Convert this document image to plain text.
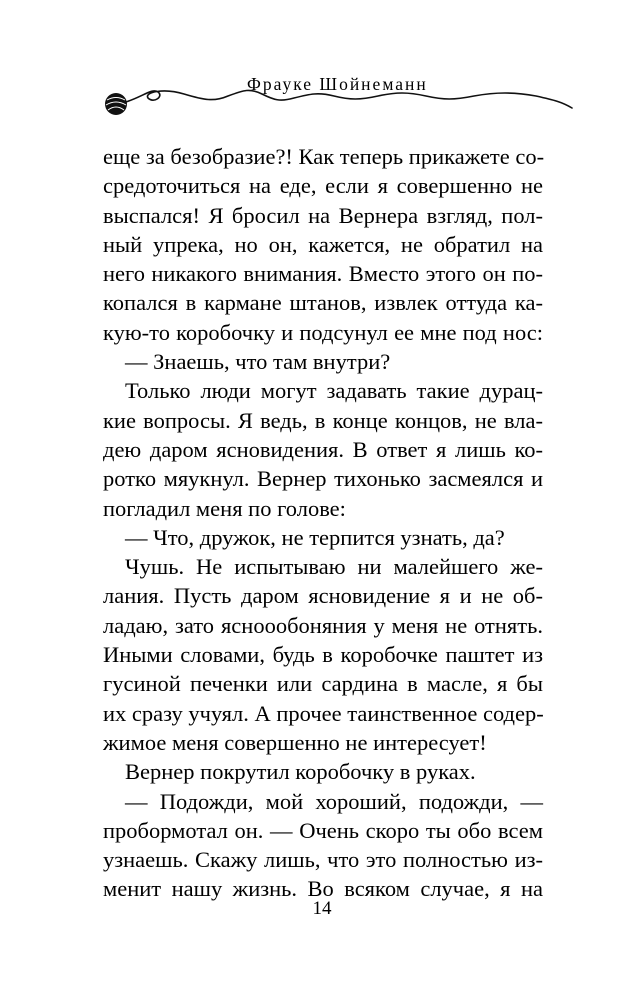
Фрауке Шойнеманн
еще за безобразие?! Как теперь прикажете со-
средоточиться на еде, если я совершенно не
выспался! Я бросил на Вернера взгляд, пол-
ный упрека, но он, кажется, не обратил на
него никакого внимания. Вместо этого он по-
копался в кармане штанов, извлек оттуда ка-
кую-то коробочку и подсунул ее мне под нос:
— Знаешь, что там внутри?
Только люди могут задавать такие дурац-
кие вопросы. Я ведь, в конце концов, не вла-
дею даром ясновидения. В ответ я лишь ко-
ротко мяукнул. Вернер тихонько засмеялся и
погладил меня по голове:
— Что, дружок, не терпится узнать, да?
Чушь. Не испытываю ни малейшего же-
лания. Пусть даром ясновидение я и не об-
ладаю, зато ясноообоняния у меня не отнять.
Иными словами, будь в коробочке паштет из
гусиной печенки или сардина в масле, я бы
их сразу учуял. А прочее таинственное содер-
жимое меня совершенно не интересует!
Вернер покрутил коробочку в руках.
— Подожди, мой хороший, подожди, —
пробормотал он. — Очень скоро ты обо всем
узнаешь. Скажу лишь, что это полностью из-
менит нашу жизнь. Во всяком случае, я на
14
